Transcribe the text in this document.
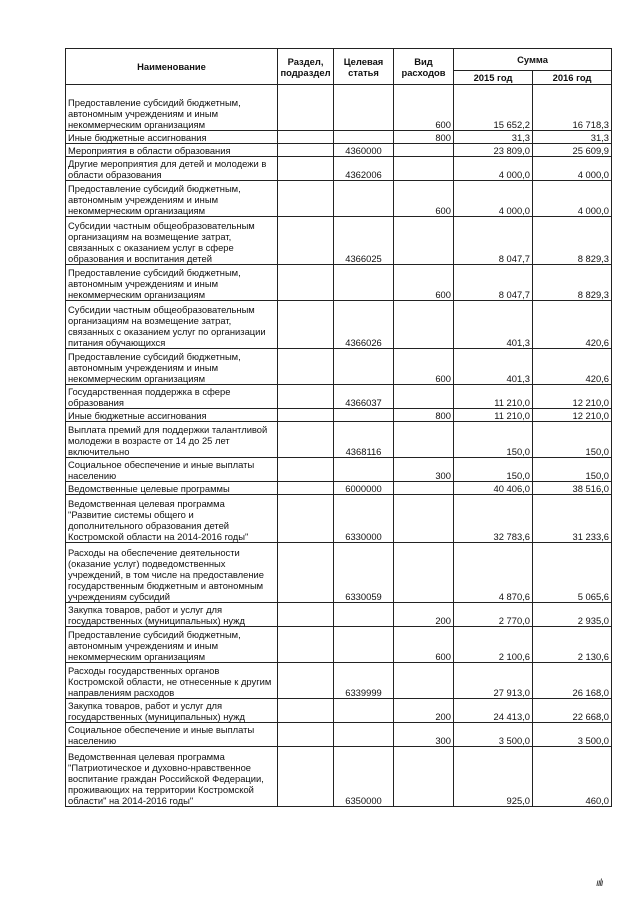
Наименование	Раздел, подраздел	Целевая статья	Вид расходов	Сумма	
				2015 год	2016 год
Предоставление субсидий бюджетным,
автономным учреждениям и иным
некоммерческим организациям			600	15 652,2	16 718,3
Иные бюджетные ассигнования			800	31,3	31,3
Мероприятия в области образования		4360000		23 809,0	25 609,9
Другие мероприятия для детей и молодежи в
области образования		4362006		4 000,0	4 000,0
Предоставление субсидий бюджетным,
автономным учреждениям и иным
некоммерческим организациям			600	4 000,0	4 000,0
Субсидии частным общеобразовательным
организациям на возмещение затрат,
связанных с оказанием услуг в сфере
образования и воспитания детей		4366025		8 047,7	8 829,3
Предоставление субсидий бюджетным,
автономным учреждениям и иным
некоммерческим организациям			600	8 047,7	8 829,3
Субсидии частным общеобразовательным
организациям на возмещение затрат,
связанных с оказанием услуг по организации
питания обучающихся		4366026		401,3	420,6
Предоставление субсидий бюджетным,
автономным учреждениям и иным
некоммерческим организациям			600	401,3	420,6
Государственная поддержка в сфере
образования		4366037		11 210,0	12 210,0
Иные бюджетные ассигнования			800	11 210,0	12 210,0
Выплата премий для поддержки талантливой
молодежи в возрасте от 14 до 25 лет
включительно		4368116		150,0	150,0
Социальное обеспечение и иные выплаты
населению			300	150,0	150,0
Ведомственные целевые программы		6000000		40 406,0	38 516,0
Ведомственная целевая программа
"Развитие системы общего и
дополнительного образования детей
Костромской области на 2014-2016 годы"		6330000		32 783,6	31 233,6
Расходы на обеспечение деятельности
(оказание услуг) подведомственных
учреждений, в том числе на предоставление
государственным бюджетным и автономным
учреждениям субсидий		6330059		4 870,6	5 065,6
Закупка товаров, работ и услуг для
государственных (муниципальных) нужд			200	2 770,0	2 935,0
Предоставление субсидий бюджетным,
автономным учреждениям и иным
некоммерческим организациям			600	2 100,6	2 130,6
Расходы государственных органов
Костромской области, не отнесенные к другим
направлениям расходов		6339999		27 913,0	26 168,0
Закупка товаров, работ и услуг для
государственных (муниципальных) нужд			200	24 413,0	22 668,0
Социальное обеспечение и иные выплаты
населению			300	3 500,0	3 500,0
Ведомственная целевая программа
"Патриотическое и духовно-нравственное
воспитание граждан Российской Федерации,
проживающих на территории Костромской
области" на 2014-2016 годы"		6350000		925,0	460,0
ıılı
